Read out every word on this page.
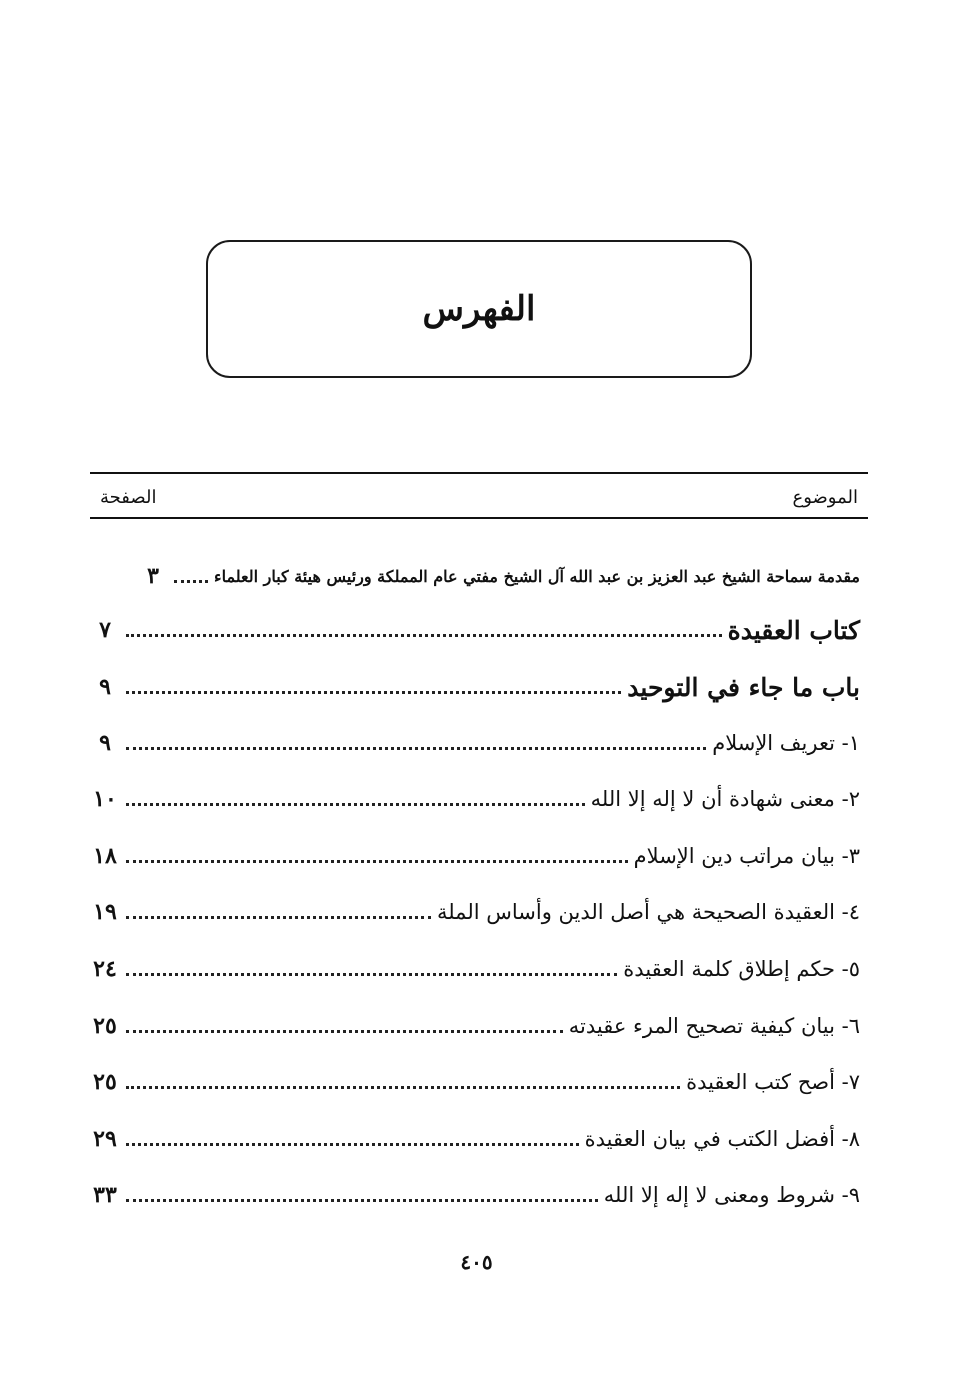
الفهرس
الموضوع
الصفحة
مقدمة سماحة الشيخ عبد العزيز بن عبد الله آل الشيخ مفتي عام المملكة ورئيس هيئة كبار العلماء
٣
كتاب العقيدة
٧
باب ما جاء في التوحيد
٩
١- تعريف الإسلام
٩
٢- معنى شهادة أن لا إله إلا الله
١٠
٣- بيان مراتب دين الإسلام
١٨
٤- العقيدة الصحيحة هي أصل الدين وأساس الملة
١٩
٥- حكم إطلاق كلمة العقيدة
٢٤
٦- بيان كيفية تصحيح المرء عقيدته
٢٥
٧- أصح كتب العقيدة
٢٥
٨- أفضل الكتب في بيان العقيدة
٢٩
٩- شروط ومعنى لا إله إلا الله
٣٣
٤٠٥
